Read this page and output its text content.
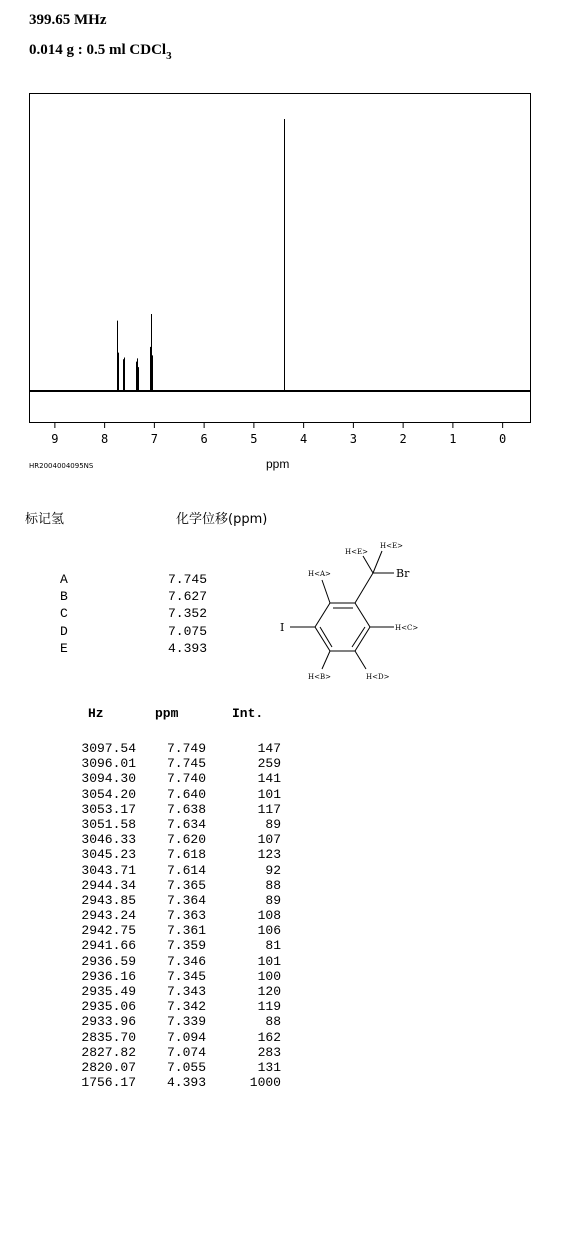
399.65 MHz
0.014 g : 0.5 ml CDCl$_3$
9	8	7	6	5	4	3	2	1	0
HR2004004095NS	ppm
标记氢	化学位移(ppm)
A	7.745
B	7.627
C	7.352
D	7.075
E	4.393
Br
I
H<E>
H<E>
H<A>
H<C>
H<B>	H<D>
Hz	ppm	Int.
3097.54 7.749	147
3096.01 7.745	259
3094.30 7.740	141
3054.20 7.640	101
3053.17 7.638	117
3051.58 7.634	89
3046.33 7.620	107
3045.23 7.618	123
3043.71 7.614	92
2944.34 7.365	88
2943.85 7.364	89
2943.24 7.363	108
2942.75 7.361	106
2941.66 7.359	81
2936.59 7.346	101
2936.16 7.345	100
2935.49 7.343	120
2935.06 7.342	119
2933.96 7.339	88
2835.70 7.094	162
2827.82 7.074	283
2820.07 7.055	131
1756.17 4.393	1000
